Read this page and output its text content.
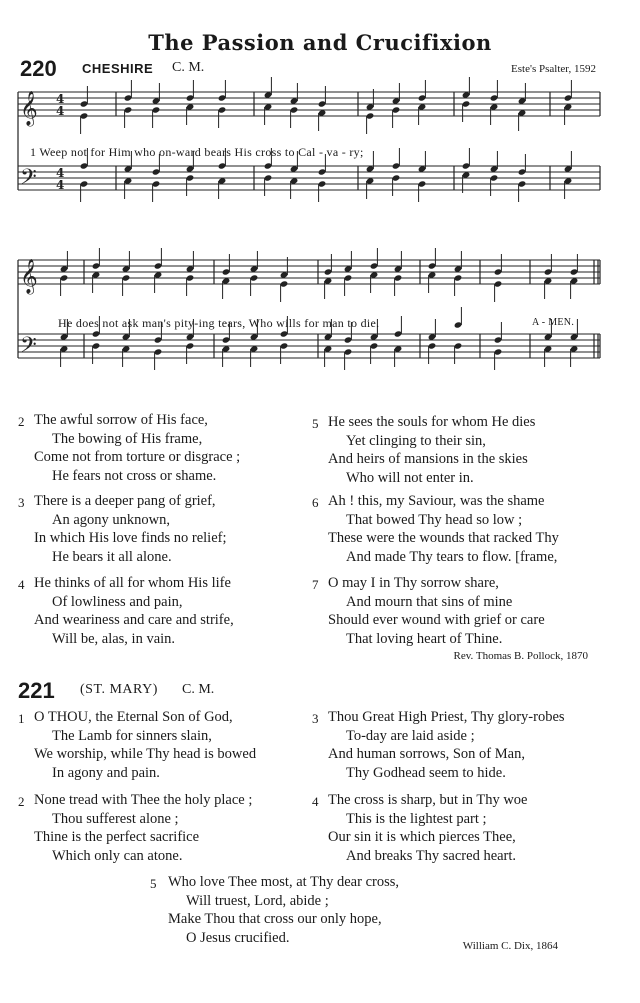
The Passion and Crucifixion
220 CHESHIRE C. M.	Este's Psalter, 1592
𝄞
𝄢
4
4
4
4
1 Weep not for Him who on-ward bears His cross to Cal - va - ry;
𝄞
𝄢
He does not ask man's pity-ing tears, Who wills for man to die.	A - MEN.
2 The awful sorrow of His face,
The bowing of His frame,
Come not from torture or disgrace ;
He fears not cross or shame.
3 There is a deeper pang of grief,
An agony unknown,
In which His love finds no relief;
He bears it all alone.
4 He thinks of all for whom His life
Of lowliness and pain,
And weariness and care and strife,
Will be, alas, in vain.
5 He sees the souls for whom He dies
Yet clinging to their sin,
And heirs of mansions in the skies
Who will not enter in.
6 Ah ! this, my Saviour, was the shame
That bowed Thy head so low ;
These were the wounds that racked Thy
And made Thy tears to flow. [frame,
7 O may I in Thy sorrow share,
And mourn that sins of mine
Should ever wound with grief or care
That loving heart of Thine.
Rev. Thomas B. Pollock, 1870
221 (ST. MARY) C. M.
1 O THOU, the Eternal Son of God,
The Lamb for sinners slain,
We worship, while Thy head is bowed
In agony and pain.
2 None tread with Thee the holy place ;
Thou sufferest alone ;
Thine is the perfect sacrifice
Which only can atone.
3 Thou Great High Priest, Thy glory-robes
To-day are laid aside ;
And human sorrows, Son of Man,
Thy Godhead seem to hide.
4 The cross is sharp, but in Thy woe
This is the lightest part ;
Our sin it is which pierces Thee,
And breaks Thy sacred heart.
5 Who love Thee most, at Thy dear cross,
Will truest, Lord, abide ;
Make Thou that cross our only hope,
O Jesus crucified.
William C. Dix, 1864
